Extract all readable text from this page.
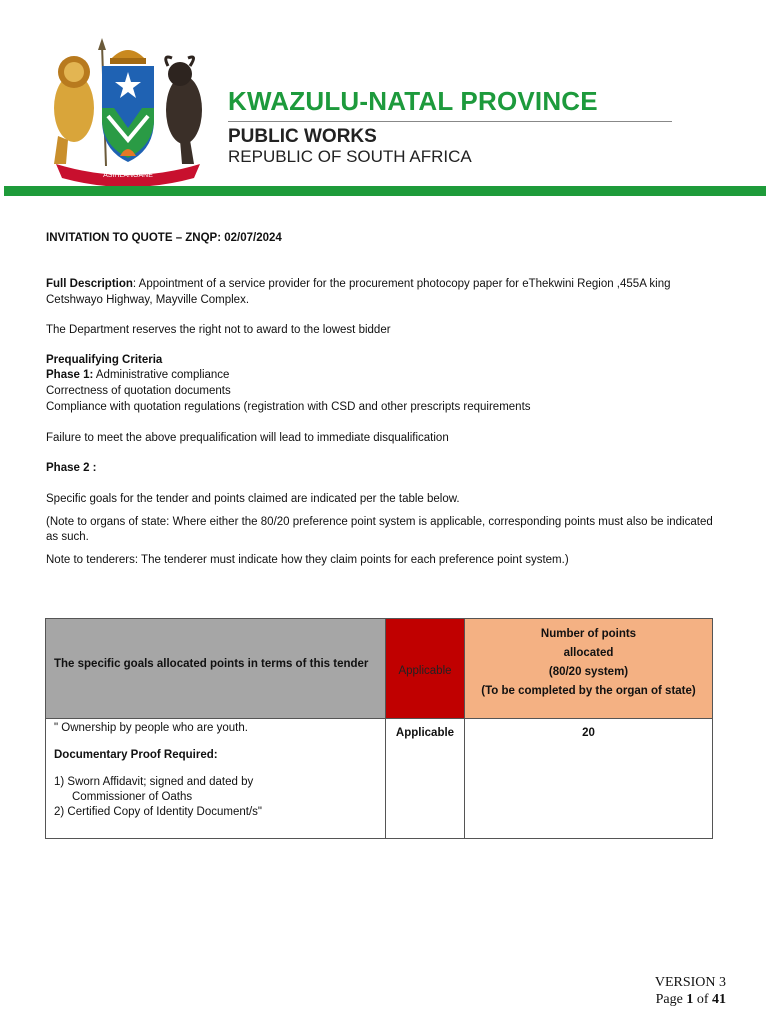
ASIHLANGANE
KWAZULU-NATAL PROVINCE
PUBLIC WORKS
REPUBLIC OF SOUTH AFRICA
INVITATION TO QUOTE – ZNQP: 02/07/2024
Full Description: Appointment of a service provider for the procurement photocopy paper for eThekwini Region ,455A king
Cetshwayo Highway, Mayville Complex.
The Department reserves the right not to award to the lowest bidder
Prequalifying Criteria
Phase 1: Administrative compliance
Correctness of quotation documents
Compliance with quotation regulations (registration with CSD and other prescripts requirements
Failure to meet the above prequalification will lead to immediate disqualification
Phase 2 :
Specific goals for the tender and points claimed are indicated per the table below.
(Note to organs of state: Where either the 80/20 preference point system is applicable, corresponding points must also be indicated
as such.
Note to tenderers: The tenderer must indicate how they claim points for each preference point system.)
The specific goals allocated points in terms of this tender	Applicable	Number of points
allocated
(80/20 system)
(To be completed by the organ of state)

" Ownership by people who are youth.
Documentary Proof Required:
1) Sworn Affidavit; signed and dated by
Commissioner of Oaths
2) Certified Copy of Identity Document/s"	Applicable	20
VERSION 3
Page 1 of 41
